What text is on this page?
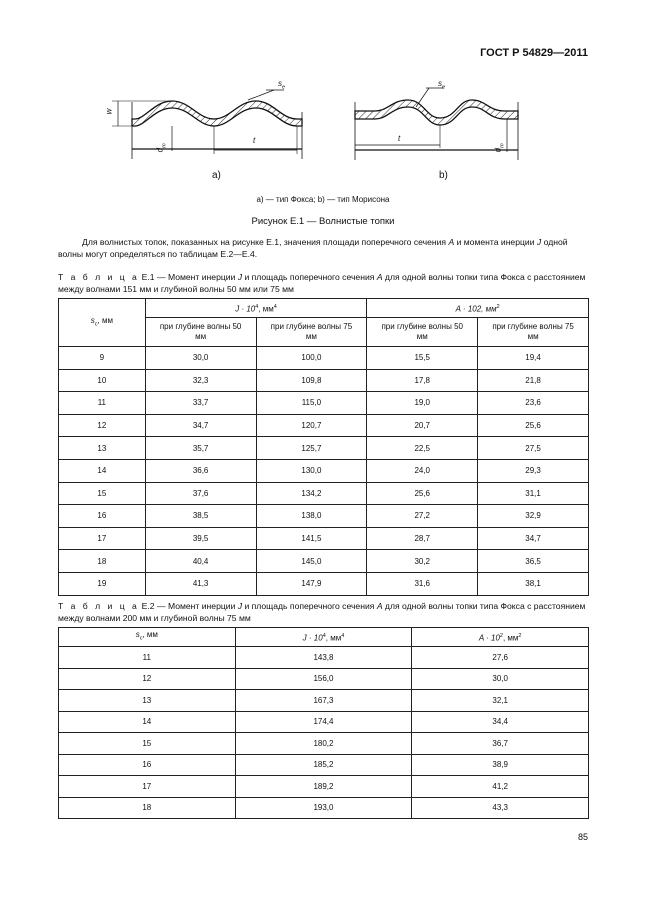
ГОСТ Р 54829—2011
w
$s_e$
t
$d_m$
а)
$s_e$
t
$d_m$
b)
а) — тип Фокса; b) — тип Морисона
Рисунок Е.1 — Волнистые топки
Для волнистых топок, показанных на рисунке Е.1, значения площади поперечного сечения A и момента инерции J одной волны могут определяться по таблицам Е.2—Е.4.
Т а б л и ц а Е.1 — Момент инерции J и площадь поперечного сечения A для одной волны топки типа Фокса с расстоянием между волнами 151 мм и глубиной волны 50 мм или 75 мм
$s_c$, мм	$J \cdot 10^4$, $мм^4$		A · 102, $мм^2$
	при глубине волны 50 мм	при глубине волны 75 мм	при глубине волны 50 мм	при глубине волны 75 мм
9	30,0	100,0	15,5	19,4
10	32,3	109,8	17,8	21,8
11	33,7	115,0	19,0	23,6
12	34,7	120,7	20,7	25,6
13	35,7	125,7	22,5	27,5
14	36,6	130,0	24,0	29,3
15	37,6	134,2	25,6	31,1
16	38,5	138,0	27,2	32,9
17	39,5	141,5	28,7	34,7
18	40,4	145,0	30,2	36,5
19	41,3	147,9	31,6	38,1
Т а б л и ц а Е.2 — Момент инерции J и площадь поперечного сечения A для одной волны топки типа Фокса с расстоянием между волнами 200 мм и глубиной волны 75 мм
$s_c$, мм	$J \cdot 10^4$, $мм^4$	$A \cdot 10^2$, $мм^2$
11	143,8	27,6
12	156,0	30,0
13	167,3	32,1
14	174,4	34,4
15	180,2	36,7
16	185,2	38,9
17	189,2	41,2
18	193,0	43,3
85
